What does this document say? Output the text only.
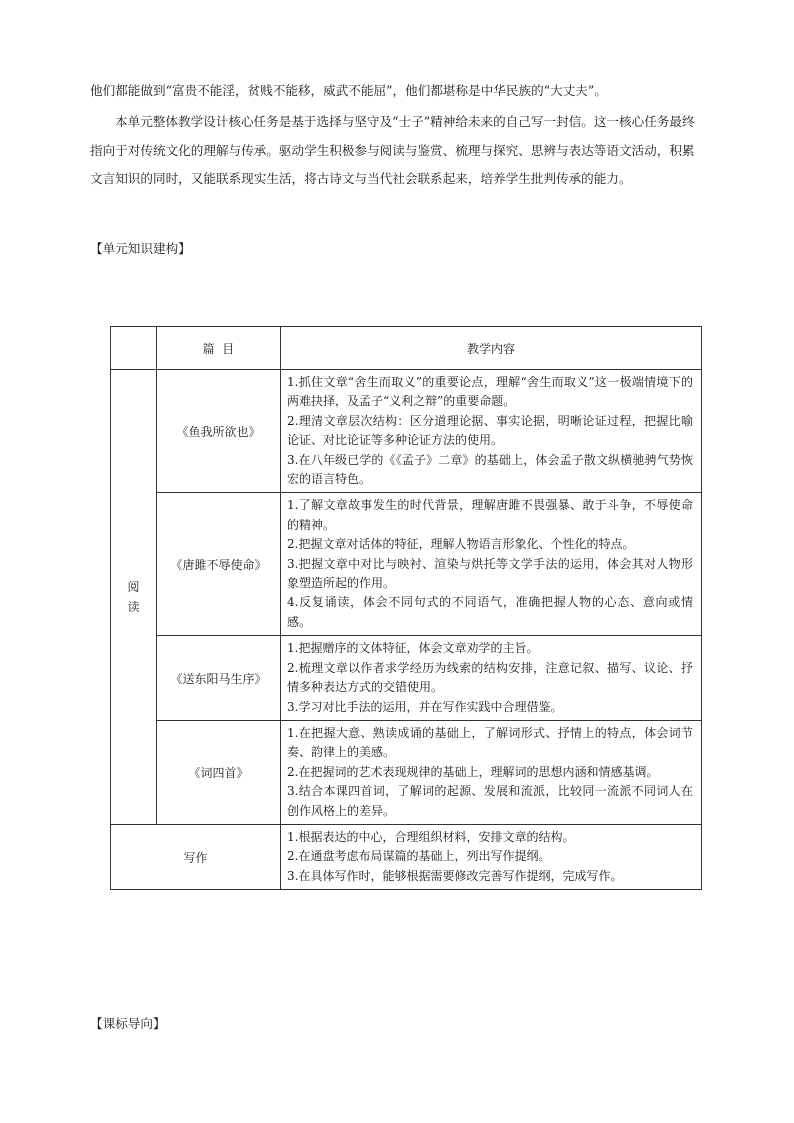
他们都能做到“富贵不能淫，贫贱不能移，威武不能屈”，他们都堪称是中华民族的“大丈夫”。

本单元整体教学设计核心任务是基于选择与坚守及“士子”精神给未来的自己写一封信。这一核心任务最终指向于对传统文化的理解与传承。驱动学生积极参与阅读与鉴赏、梳理与探究、思辨与表达等语文活动，积累文言知识的同时，又能联系现实生活，将古诗文与当代社会联系起来，培养学生批判传承的能力。

【单元知识建构】

	篇  目	教学内容

阅读	《鱼我所欲也》	1.抓住文章“舍生而取义”的重要论点，理解“舍生而取义”这一极端情境下的两难抉择，及孟子“义利之辩”的重要命题。
2.理清文章层次结构：区分道理论据、事实论据，明晰论证过程，把握比喻论证、对比论证等多种论证方法的使用。
3.在八年级已学的《《孟子》二章》的基础上，体会孟子散文纵横驰骋气势恢宏的语言特色。

	《唐雎不辱使命》	1.了解文章故事发生的时代背景，理解唐雎不畏强暴、敢于斗争，不辱使命的精神。
2.把握文章对话体的特征，理解人物语言形象化、个性化的特点。
3.把握文章中对比与映衬、渲染与烘托等文学手法的运用，体会其对人物形象塑造所起的作用。
4.反复诵读，体会不同句式的不同语气，准确把握人物的心态、意向或情感。

	《送东阳马生序》	1.把握赠序的文体特征，体会文章劝学的主旨。
2.梳理文章以作者求学经历为线索的结构安排，注意记叙、描写、议论、抒情多种表达方式的交错使用。
3.学习对比手法的运用，并在写作实践中合理借鉴。

	《词四首》	1.在把握大意、熟读成诵的基础上，了解词形式、抒情上的特点，体会词节奏、韵律上的美感。
2.在把握词的艺术表现规律的基础上，理解词的思想内涵和情感基调。
3.结合本课四首词，了解词的起源、发展和流派，比较同一流派不同词人在创作风格上的差异。

写作		1.根据表达的中心，合理组织材料，安排文章的结构。
2.在通盘考虑布局谋篇的基础上，列出写作提纲。
3.在具体写作时，能够根据需要修改完善写作提纲，完成写作。

【课标导向】
